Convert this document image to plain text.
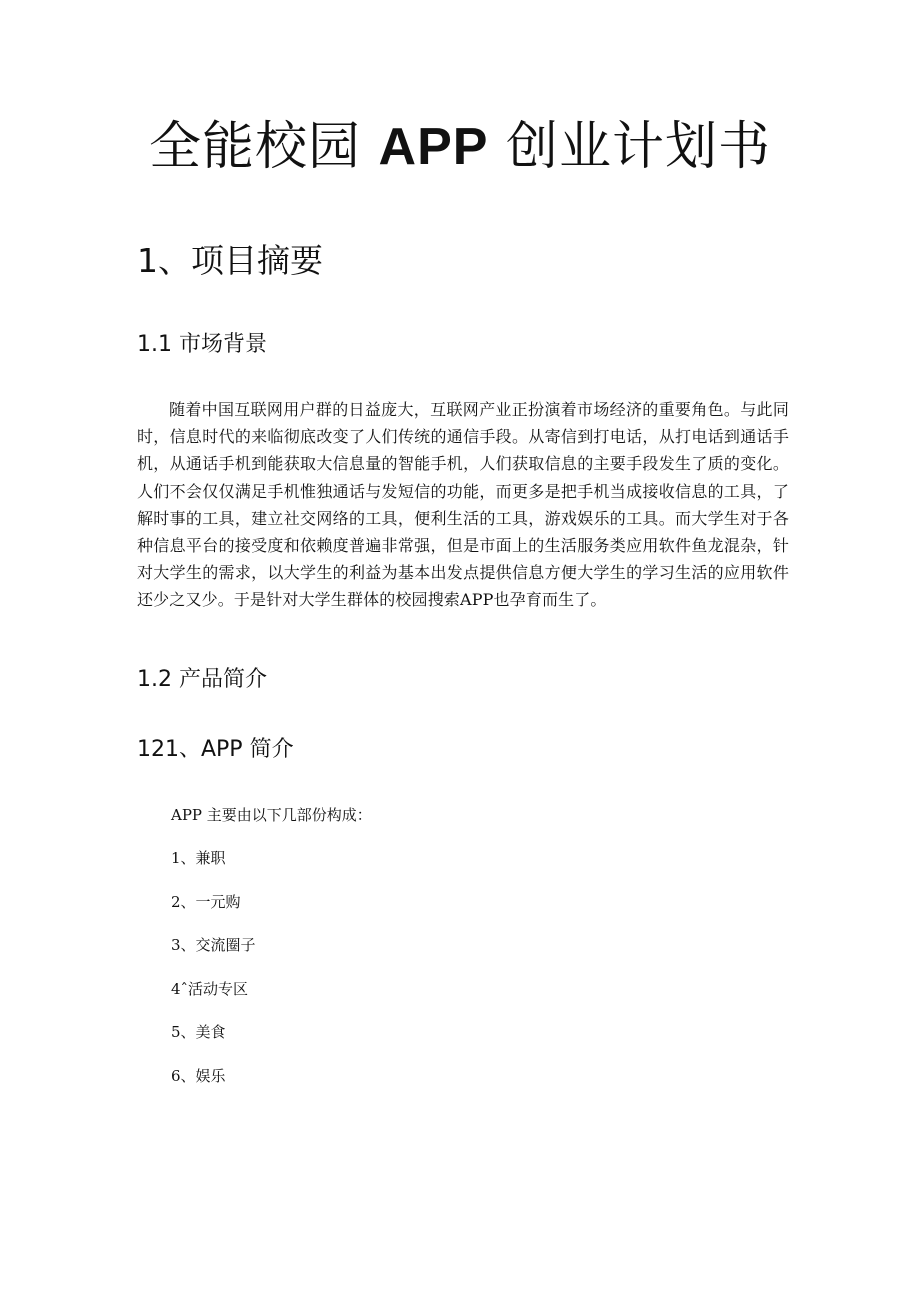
全能校园 APP 创业计划书
1、项目摘要
1.1 市场背景

随着中国互联网用户群的日益庞大，互联网产业正扮演着市场经济的重要角色。与此同时，信息时代的来临彻底改变了人们传统的通信手段。从寄信到打电话，从打电话到通话手机，从通话手机到能获取大信息量的智能手机，人们获取信息的主要手段发生了质的变化。人们不会仅仅满足手机惟独通话与发短信的功能，而更多是把手机当成接收信息的工具，了解时事的工具，建立社交网络的工具，便利生活的工具，游戏娱乐的工具。而大学生对于各种信息平台的接受度和依赖度普遍非常强，但是市面上的生活服务类应用软件鱼龙混杂，针对大学生的需求，以大学生的利益为基本出发点提供信息方便大学生的学习生活的应用软件还少之又少。于是针对大学生群体的校园搜索APP也孕育而生了。

1.2 产品简介
121、APP 简介

APP 主要由以下几部份构成：

1、兼职
2、一元购
3、交流圈子
4ˆ活动专区
5、美食
6、娱乐
